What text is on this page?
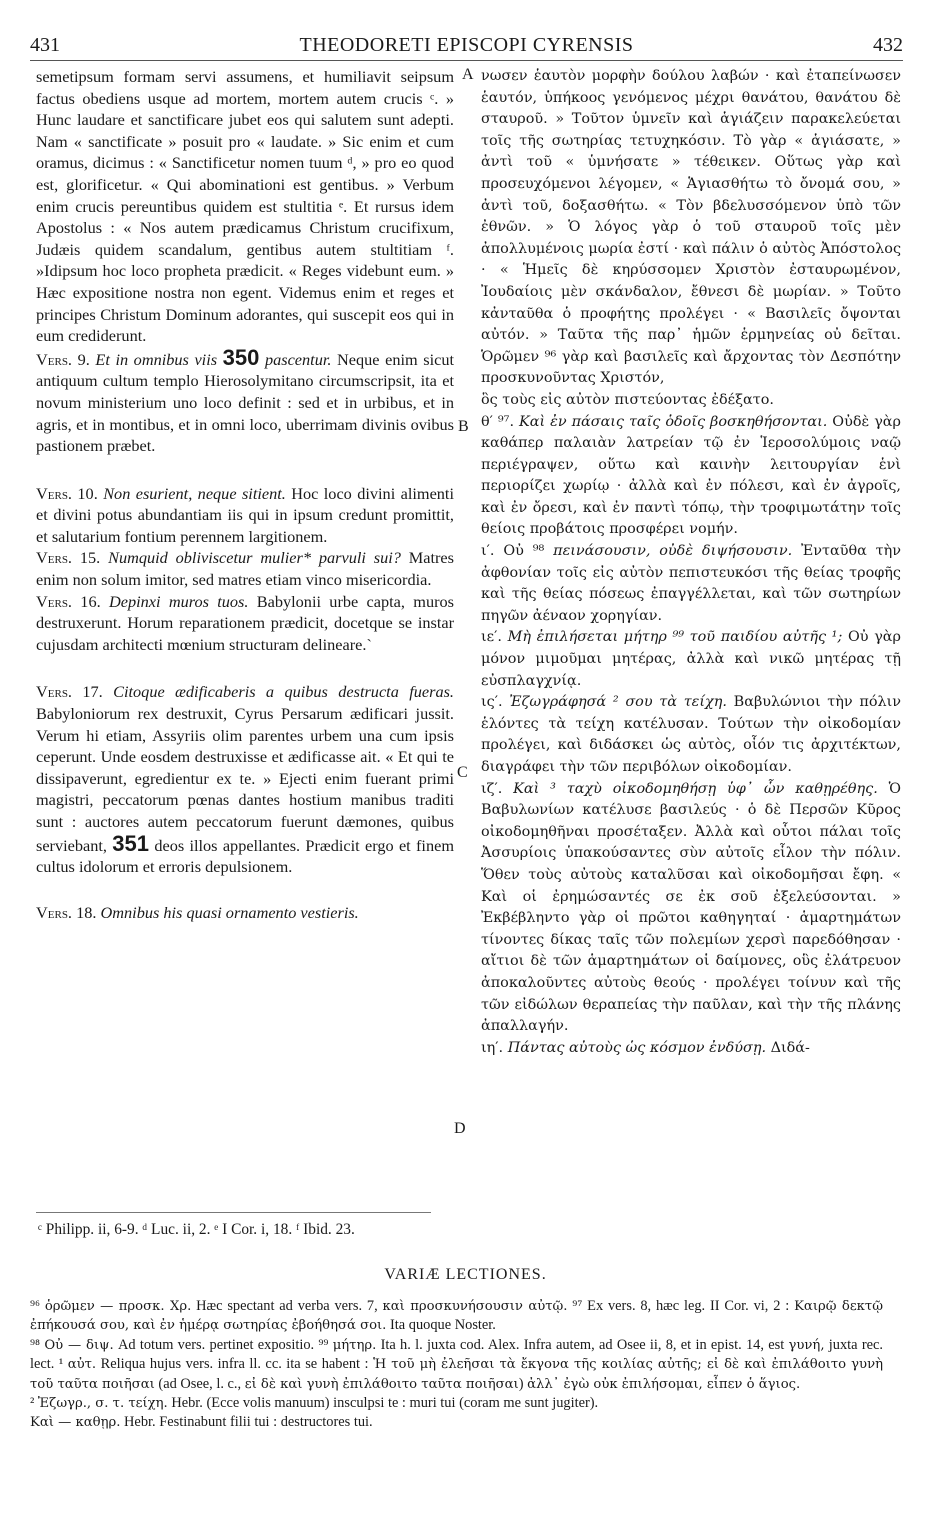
431	THEODORETI EPISCOPI CYRENSIS	432
A
B
C
D

semetipsum formam servi assumens, et humiliavit seipsum factus obediens usque ad mortem, mortem autem crucis ᶜ. » Hunc laudare et sanctificare jubet eos qui salutem sunt adepti. Nam « sanctificate » posuit pro « laudate. » Sic enim et cum oramus, dicimus : « Sanctificetur nomen tuum ᵈ, » pro eo quod est, glorificetur. « Qui abominationi est gentibus. » Verbum enim crucis pereuntibus quidem est stultitia ᵉ. Et rursus idem Apostolus : « Nos autem prædicamus Christum crucifixum, Judæis quidem scandalum, gentibus autem stultitiam ᶠ. »Idipsum hoc loco propheta prædicit. « Reges videbunt eum. » Hæc expositione nostra non egent. Videmus enim et reges et principes Christum Dominum adorantes, qui suscepit eos qui in eum crediderunt.

Vers. 9. Et in omnibus viis 350 pascentur. Neque enim sicut antiquum cultum templo Hierosolymitano circumscripsit, ita et novum ministerium uno loco definit : sed et in urbibus, et in agris, et in montibus, et in omni loco, uberrimam divinis ovibus pastionem præbet.

Vers. 10. Non esurient, neque sitient. Hoc loco divini alimenti et divini potus abundantiam iis qui in ipsum credunt promittit, et salutarium fontium perennem largitionem.

Vers. 15. Numquid obliviscetur mulier* parvuli sui? Matres enim non solum imitor, sed matres etiam vinco misericordia.

Vers. 16. Depinxi muros tuos. Babylonii urbe capta, muros destruxerunt. Horum reparationem prædicit, docetque se instar cujusdam architecti mœnium structuram delineare.`

Vers. 17. Citoque ædificaberis a quibus destructa fueras. Babyloniorum rex destruxit, Cyrus Persarum ædificari jussit. Verum hi etiam, Assyriis olim parentes urbem una cum ipsis ceperunt. Unde eosdem destruxisse et ædificasse ait. « Et qui te dissipaverunt, egredientur ex te. » Ejecti enim fuerant primi magistri, peccatorum pœnas dantes hostium manibus traditi sunt : auctores autem peccatorum fuerunt dæmones, quibus serviebant, 351 deos illos appellantes. Prædicit ergo et finem cultus idolorum et erroris depulsionem.

Vers. 18. Omnibus his quasi ornamento vestieris.

νωσεν ἑαυτὸν μορφὴν δούλου λαβών · καὶ ἐταπείνωσεν ἑαυτόν, ὑπήκοος γενόμενος μέχρι θανάτου, θανάτου δὲ σταυροῦ. » Τοῦτον ὑμνεῖν καὶ ἁγιάζειν παρακελεύεται τοῖς τῆς σωτηρίας τετυχηκόσιν. Τὸ γὰρ « ἁγιάσατε, » ἀντὶ τοῦ « ὑμνήσατε » τέθεικεν. Οὕτως γὰρ καὶ προσευχόμενοι λέγομεν, « Ἁγιασθήτω τὸ ὄνομά σου, » ἀντὶ τοῦ, δοξασθήτω. « Τὸν βδελυσσόμενον ὑπὸ τῶν ἐθνῶν. » Ὁ λόγος γὰρ ὁ τοῦ σταυροῦ τοῖς μὲν ἀπολλυμένοις μωρία ἐστί · καὶ πάλιν ὁ αὐτὸς Ἀπόστολος · « Ἡμεῖς δὲ κηρύσσομεν Χριστὸν ἐσταυρωμένον, Ἰουδαίοις μὲν σκάνδαλον, ἔθνεσι δὲ μωρίαν. » Τοῦτο κἀνταῦθα ὁ προφήτης προλέγει · « Βασιλεῖς ὄψονται αὐτόν. » Ταῦτα τῆς παρ᾽ ἡμῶν ἑρμηνείας οὐ δεῖται. Ὁρῶμεν ⁹⁶ γὰρ καὶ βασιλεῖς καὶ ἄρχοντας τὸν Δεσπότην προσκυνοῦντας Χριστόν,

ὃς τοὺς εἰς αὐτὸν πιστεύοντας ἐδέξατο.

θ′ ⁹⁷. Καὶ ἐν πάσαις ταῖς ὁδοῖς βοσκηθήσονται. Οὐδὲ γὰρ καθάπερ παλαιὰν λατρείαν τῷ ἐν Ἱεροσολύμοις ναῷ περιέγραψεν, οὕτω καὶ καινὴν λειτουργίαν ἑνὶ περιορίζει χωρίῳ · ἀλλὰ καὶ ἐν πόλεσι, καὶ ἐν ἀγροῖς, καὶ ἐν ὄρεσι, καὶ ἐν παντὶ τόπῳ, τὴν τροφιμωτάτην τοῖς θείοις προβάτοις προσφέρει νομήν.

ι′. Οὐ ⁹⁸ πεινάσουσιν, οὐδὲ διψήσουσιν. Ἐνταῦθα τὴν ἀφθονίαν τοῖς εἰς αὐτὸν πεπιστευκόσι τῆς θείας τροφῆς καὶ τῆς θείας πόσεως ἐπαγγέλλεται, καὶ τῶν σωτηρίων πηγῶν ἀέναον χορηγίαν.

ιε′. Μὴ ἐπιλήσεται μήτηρ ⁹⁹ τοῦ παιδίου αὐτῆς ¹; Οὐ γὰρ μόνον μιμοῦμαι μητέρας, ἀλλὰ καὶ νικῶ μητέρας τῇ εὐσπλαγχνίᾳ.

ις′. Ἐζωγράφησά ² σου τὰ τείχη. Βαβυλώνιοι τὴν πόλιν ἑλόντες τὰ τείχη κατέλυσαν. Τούτων τὴν οἰκοδομίαν προλέγει, καὶ διδάσκει ὡς αὐτὸς, οἷόν τις ἀρχιτέκτων, διαγράφει τὴν τῶν περιβόλων οἰκοδομίαν.

ιζ′. Καὶ ³ ταχὺ οἰκοδομηθήσῃ ὑφ᾽ ὧν καθῃρέθης. Ὁ Βαβυλωνίων κατέλυσε βασιλεύς · ὁ δὲ Περσῶν Κῦρος οἰκοδομηθῆναι προσέταξεν. Ἀλλὰ καὶ οὗτοι πάλαι τοῖς Ἀσσυρίοις ὑπακούσαντες σὺν αὐτοῖς εἷλον τὴν πόλιν. Ὅθεν τοὺς αὐτοὺς καταλῦσαι καὶ οἰκοδομῆσαι ἔφη. « Καὶ οἱ ἐρημώσαντές σε ἐκ σοῦ ἐξελεύσονται. » Ἐκβέβληντο γὰρ οἱ πρῶτοι καθηγηταί · ἁμαρτημάτων τίνοντες δίκας ταῖς τῶν πολεμίων χερσὶ παρεδόθησαν · αἴτιοι δὲ τῶν ἁμαρτημάτων οἱ δαίμονες, οὓς ἐλάτρευον ἀποκαλοῦντες αὐτοὺς θεούς · προλέγει τοίνυν καὶ τῆς τῶν εἰδώλων θεραπείας τὴν παῦλαν, καὶ τὴν τῆς πλάνης ἀπαλλαγήν.

ιη′. Πάντας αὐτοὺς ὡς κόσμον ἐνδύσῃ. Διδά-

ᶜ Philipp. ii, 6-9. ᵈ Luc. ii, 2. ᵉ I Cor. i, 18. ᶠ Ibid. 23.
VARIÆ LECTIONES.

⁹⁶ ὁρῶμεν — προσκ. Χρ. Hæc spectant ad verba vers. 7, καὶ προσκυνήσουσιν αὐτῷ. ⁹⁷ Ex vers. 8, hæc leg. II Cor. vi, 2 : Καιρῷ δεκτῷ ἐπήκουσά σου, καὶ ἐν ἡμέρᾳ σωτηρίας ἐβοήθησά σοι. Ita quoque Noster.

⁹⁸ Οὐ — διψ. Ad totum vers. pertinet expositio. ⁹⁹ μήτηρ. Ita h. l. juxta cod. Alex. Infra autem, ad Osee ii, 8, et in epist. 14, est γυνή, juxta rec. lect. ¹ αὐτ. Reliqua hujus vers. infra ll. cc. ita se habent : Ἡ τοῦ μὴ ἐλεῆσαι τὰ ἔκγονα τῆς κοιλίας αὐτῆς; εἰ δὲ καὶ ἐπιλάθοιτο γυνὴ τοῦ ταῦτα ποιῆσαι (ad Osee, l. c., εἰ δὲ καὶ γυνὴ ἐπιλάθοιτο ταῦτα ποιῆσαι) ἀλλ᾽ ἐγὼ οὐκ ἐπιλήσομαι, εἶπεν ὁ ἅγιος.

² Ἐζωγρ., σ. τ. τείχη. Hebr. (Ecce volis manuum) insculpsi te : muri tui (coram me sunt jugiter).

Καὶ — καθῃρ. Hebr. Festinabunt filii tui : destructores tui.
